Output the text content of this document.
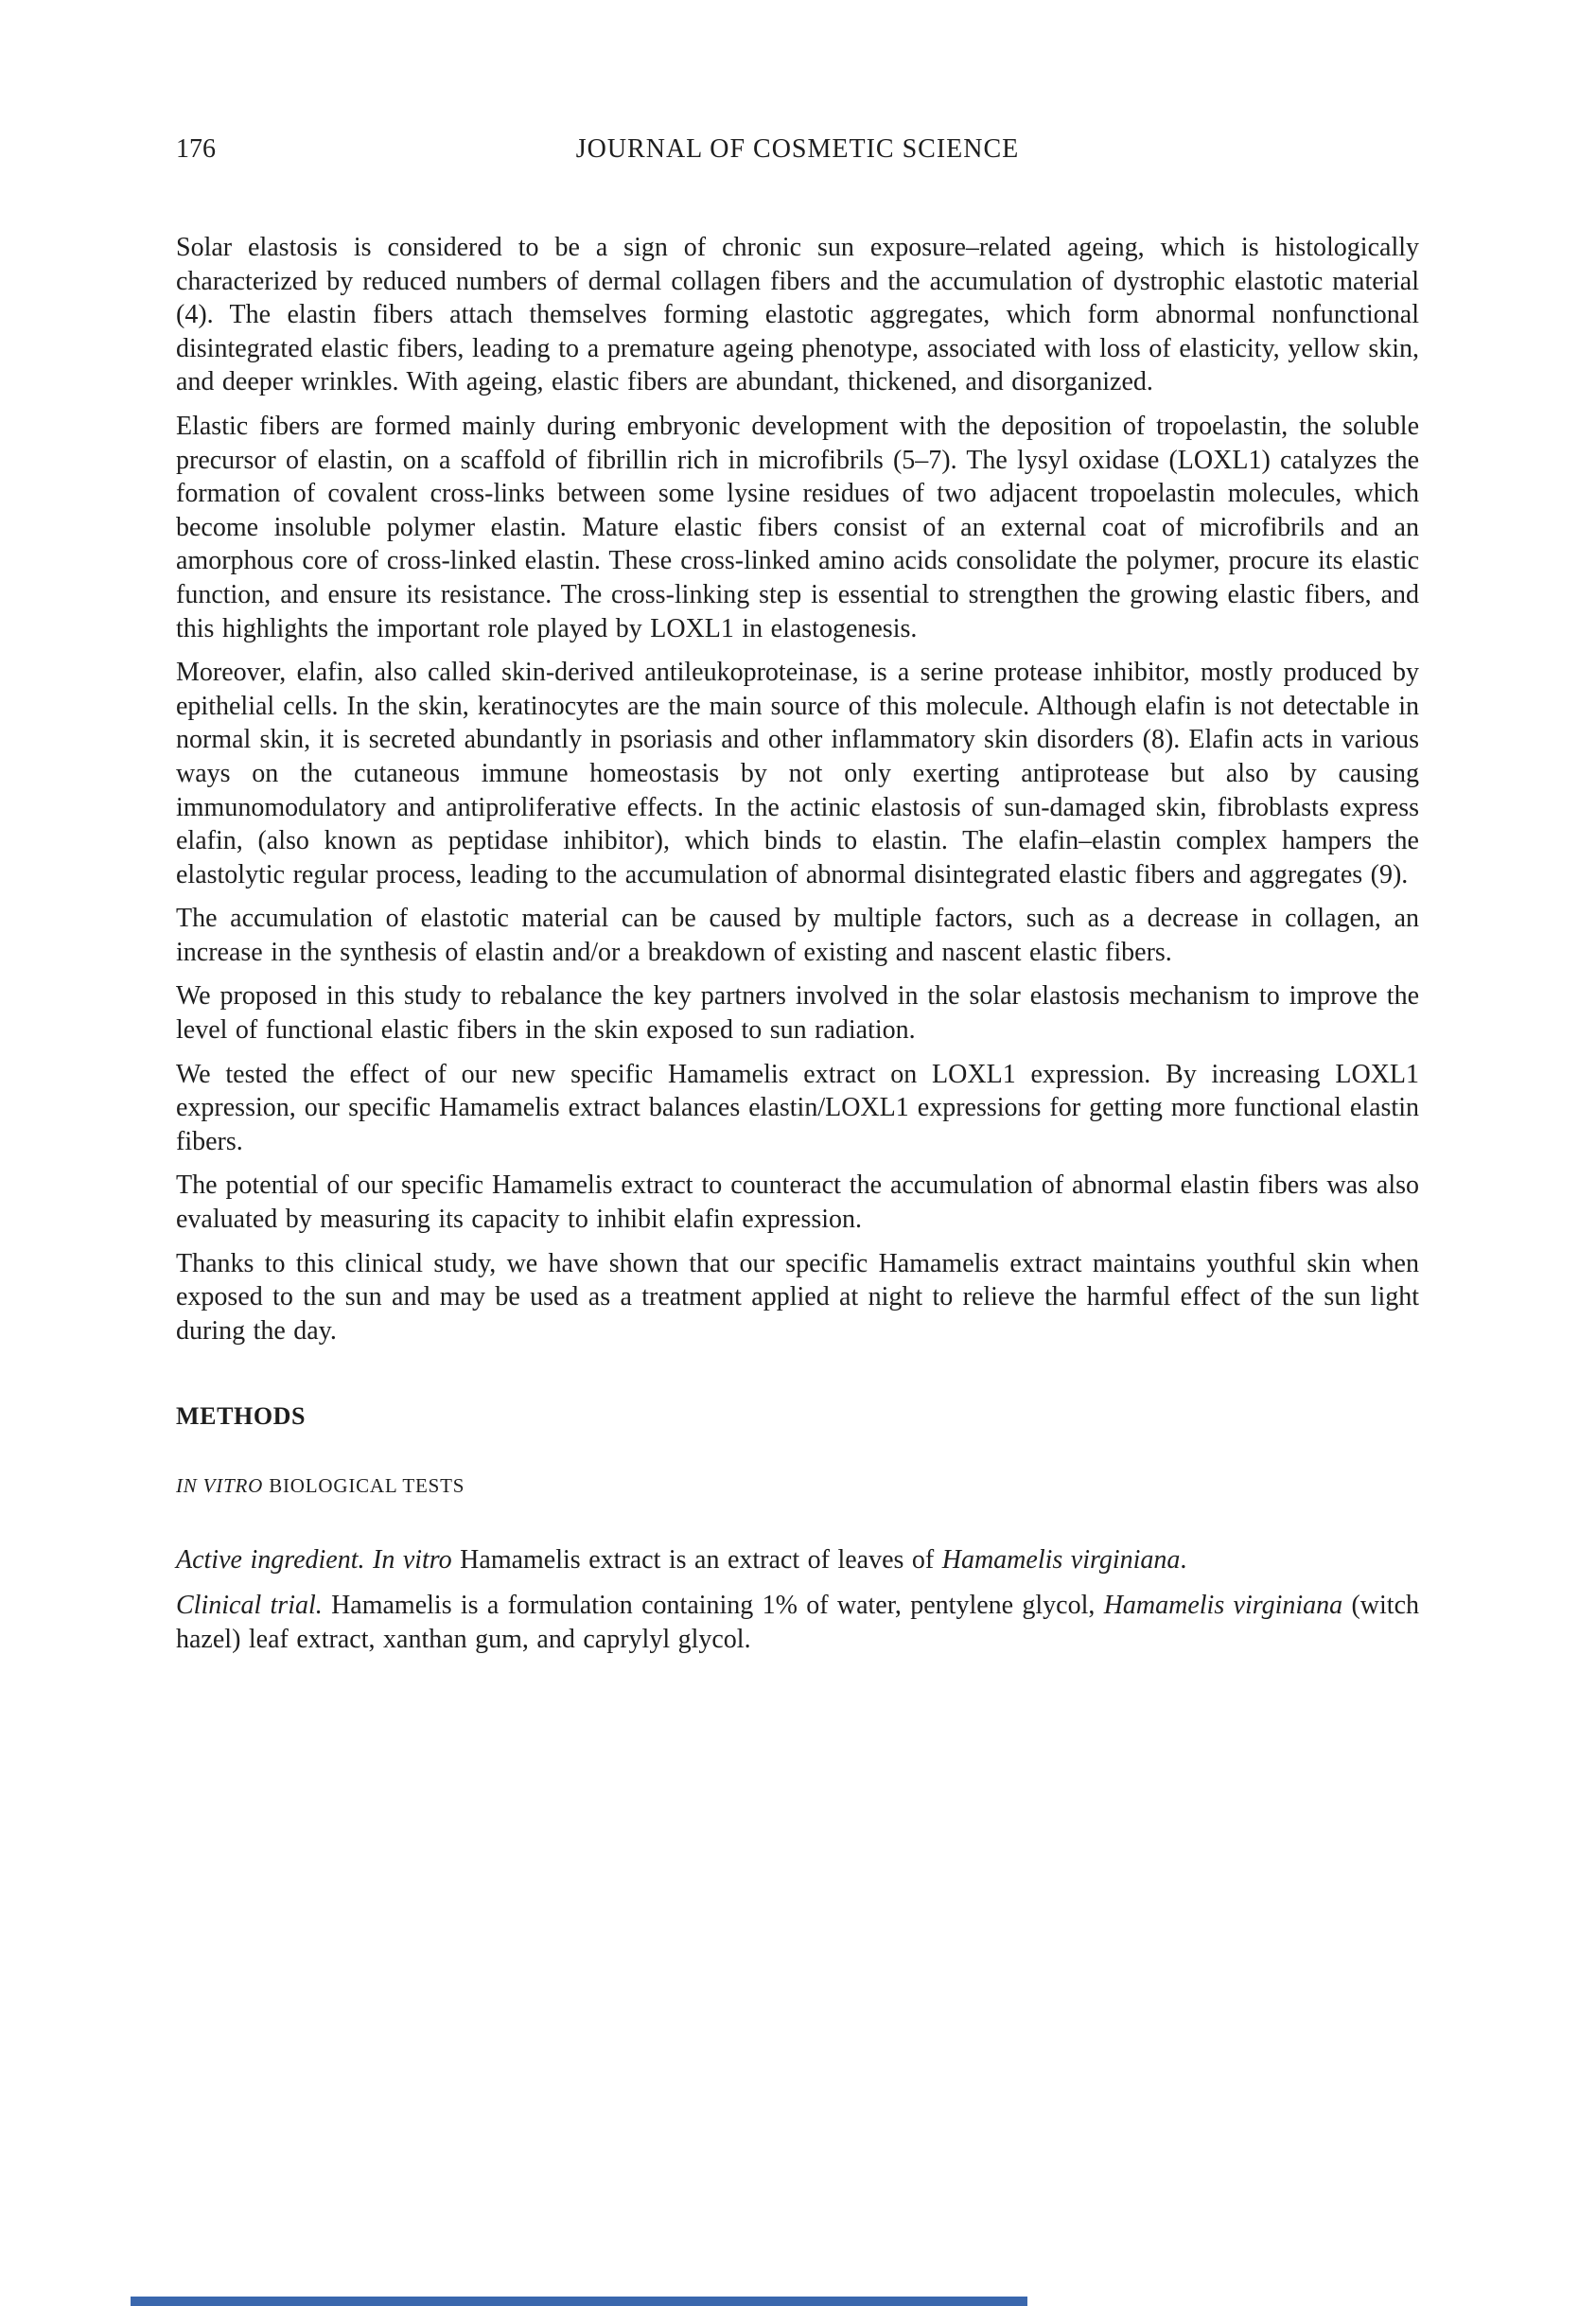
176	JOURNAL OF COSMETIC SCIENCE

Solar elastosis is considered to be a sign of chronic sun exposure–related ageing, which is histologically characterized by reduced numbers of dermal collagen fibers and the accumulation of dystrophic elastotic material (4). The elastin fibers attach themselves forming elastotic aggregates, which form abnormal nonfunctional disintegrated elastic fibers, leading to a premature ageing phenotype, associated with loss of elasticity, yellow skin, and deeper wrinkles. With ageing, elastic fibers are abundant, thickened, and disorganized.

Elastic fibers are formed mainly during embryonic development with the deposition of tropoelastin, the soluble precursor of elastin, on a scaffold of fibrillin rich in microfibrils (5–7). The lysyl oxidase (LOXL1) catalyzes the formation of covalent cross-links between some lysine residues of two adjacent tropoelastin molecules, which become insoluble polymer elastin. Mature elastic fibers consist of an external coat of microfibrils and an amorphous core of cross-linked elastin. These cross-linked amino acids consolidate the polymer, procure its elastic function, and ensure its resistance. The cross-linking step is essential to strengthen the growing elastic fibers, and this highlights the important role played by LOXL1 in elastogenesis.

Moreover, elafin, also called skin-derived antileukoproteinase, is a serine protease inhibitor, mostly produced by epithelial cells. In the skin, keratinocytes are the main source of this molecule. Although elafin is not detectable in normal skin, it is secreted abundantly in psoriasis and other inflammatory skin disorders (8). Elafin acts in various ways on the cutaneous immune homeostasis by not only exerting antiprotease but also by causing immunomodulatory and antiproliferative effects. In the actinic elastosis of sun-damaged skin, fibroblasts express elafin, (also known as peptidase inhibitor), which binds to elastin. The elafin–elastin complex hampers the elastolytic regular process, leading to the accumulation of abnormal disintegrated elastic fibers and aggregates (9).

The accumulation of elastotic material can be caused by multiple factors, such as a decrease in collagen, an increase in the synthesis of elastin and/or a breakdown of existing and nascent elastic fibers.

We proposed in this study to rebalance the key partners involved in the solar elastosis mechanism to improve the level of functional elastic fibers in the skin exposed to sun radiation.

We tested the effect of our new specific Hamamelis extract on LOXL1 expression. By increasing LOXL1 expression, our specific Hamamelis extract balances elastin/LOXL1 expressions for getting more functional elastin fibers.

The potential of our specific Hamamelis extract to counteract the accumulation of abnormal elastin fibers was also evaluated by measuring its capacity to inhibit elafin expression.

Thanks to this clinical study, we have shown that our specific Hamamelis extract maintains youthful skin when exposed to the sun and may be used as a treatment applied at night to relieve the harmful effect of the sun light during the day.

METHODS
IN VITRO BIOLOGICAL TESTS

Active ingredient. In vitro Hamamelis extract is an extract of leaves of Hamamelis virginiana.

Clinical trial. Hamamelis is a formulation containing 1% of water, pentylene glycol, Hamamelis virginiana (witch hazel) leaf extract, xanthan gum, and caprylyl glycol.
